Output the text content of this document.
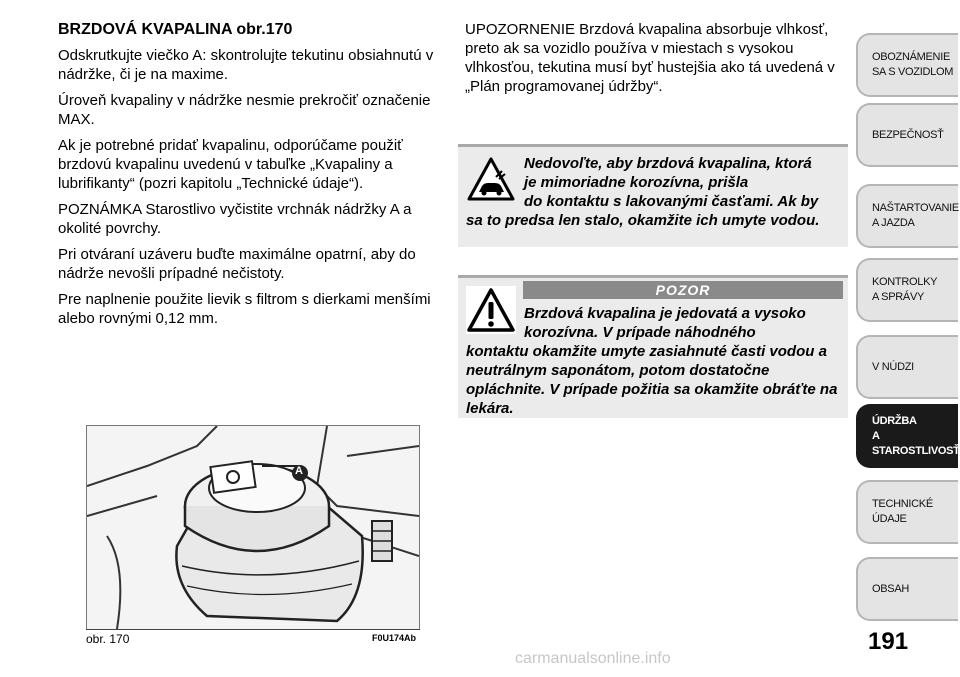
BRZDOVÁ KVAPALINA obr.170

Odskrutkujte viečko A: skontrolujte tekutinu obsiahnutú v nádržke, či je na maxime.

Úroveň kvapaliny v nádržke nesmie prekročiť označenie MAX.

Ak je potrebné pridať kvapalinu, odporúčame použiť brzdovú kvapalinu uvedenú v tabuľke „Kvapaliny a lubrifikanty“ (pozri kapitolu „Technické údaje“).

POZNÁMKA Starostlivo vyčistite vrchnák nádržky A a okolité povrchy.

Pri otváraní uzáveru buďte maximálne opatrní, aby do nádrže nevošli prípadné nečistoty.

Pre naplnenie použite lievik s filtrom s dierkami menšími alebo rovnými 0,12 mm.

UPOZORNENIE Brzdová kvapalina absorbuje vlhkosť, preto ak sa vozidlo používa v miestach s vysokou vlhkosťou, tekutina musí byť hustejšia ako tá uvedená v „Plán programovanej údržby“.

Nedovoľte, aby brzdová kvapalina, ktorá
je mimoriadne korozívna, prišla
do kontaktu s lakovanými časťami. Ak by
sa to predsa len stalo, okamžite ich umyte vodou.
POZOR
Brzdová kvapalina je jedovatá a vysoko
korozívna. V prípade náhodného
kontaktu okamžite umyte zasiahnuté časti vodou a neutrálnym saponátom, potom dostatočne opláchnite. V prípade požitia sa okamžite obráťte na lekára.
A
obr. 170	F0U174Ab
OBOZNÁMENIE
SA S VOZIDLOM
BEZPEČNOSŤ
NAŠTARTOVANIE
A JAZDA
KONTROLKY
A SPRÁVY
V NÚDZI
ÚDRŽBA
A STAROSTLIVOSŤ
TECHNICKÉ
ÚDAJE
OBSAH
191
carmanualsonline.info
